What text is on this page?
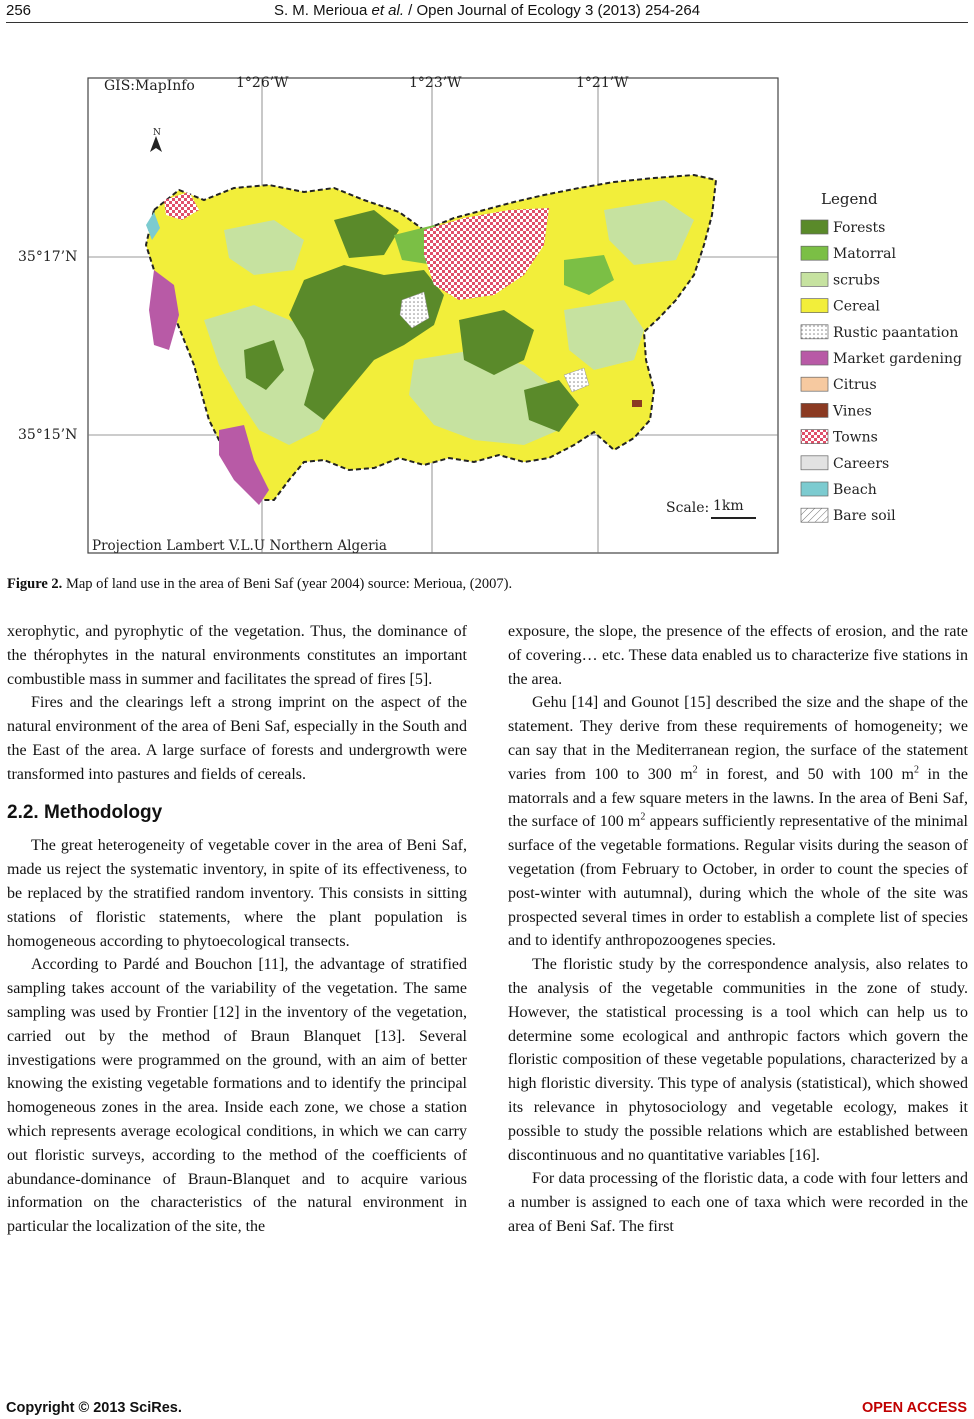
256	S. M. Merioua et al. / Open Journal of Ecology 3 (2013) 254-264
GIS:MapInfo	1°26’W	1°23’W	1°21’W
35°17’N
35°15’N
N
Scale: 1km
Projection Lambert V.L.U Northern Algeria
Legend
Forests
Matorral
scrubs
Cereal
Rustic paantation
Market gardening
Citrus
Vines
Towns
Careers
Beach
Bare soil
Figure 2. Map of land use in the area of Beni Saf (year 2004) source: Merioua, (2007).

xerophytic, and pyrophytic of the vegetation. Thus, the dominance of the thérophytes in the natural environments constitutes an important combustible mass in summer and facilitates the spread of fires [5].

Fires and the clearings left a strong imprint on the aspect of the natural environment of the area of Beni Saf, especially in the South and the East of the area. A large surface of forests and undergrowth were transformed into pastures and fields of cereals.

2.2. Methodology

The great heterogeneity of vegetable cover in the area of Beni Saf, made us reject the systematic inventory, in spite of its effectiveness, to be replaced by the stratified random inventory. This consists in sitting stations of floristic statements, where the plant population is homogeneous according to phytoecological transects.

According to Pardé and Bouchon [11], the advantage of stratified sampling takes account of the variability of the vegetation. The same sampling was used by Frontier [12] in the inventory of the vegetation, carried out by the method of Braun Blanquet [13]. Several investigations were programmed on the ground, with an aim of better knowing the existing vegetable formations and to identify the principal homogeneous zones in the area. Inside each zone, we chose a station which represents average ecological conditions, in which we can carry out floristic surveys, according to the method of the coefficients of abundance-dominance of Braun-Blanquet and to acquire various information on the characteristics of the natural environment in particular the localization of the site, the

exposure, the slope, the presence of the effects of erosion, and the rate of covering… etc. These data enabled us to characterize five stations in the area.

Gehu [14] and Gounot [15] described the size and the shape of the statement. They derive from these requirements of homogeneity; we can say that in the Mediterranean region, the surface of the statement varies from 100 to 300 $m^2$ in forest, and 50 with 100 $m^2$ in the matorrals and a few square meters in the lawns. In the area of Beni Saf, the surface of 100 $m^2$ appears sufficiently representative of the minimal surface of the vegetable formations. Regular visits during the season of vegetation (from February to October, in order to count the species of post-winter with autumnal), during which the whole of the site was prospected several times in order to establish a complete list of species and to identify anthropozoogenes species.

The floristic study by the correspondence analysis, also relates to the analysis of the vegetable communities in the zone of study. However, the statistical processing is a tool which can help us to determine some ecological and anthropic factors which govern the floristic composition of these vegetable populations, characterized by a high floristic diversity. This type of analysis (statistical), which showed its relevance in phytosociology and vegetable ecology, makes it possible to study the possible relations which are established between discontinuous and no quantitative variables [16].

For data processing of the floristic data, a code with four letters and a number is assigned to each one of taxa which were recorded in the area of Beni Saf. The first

Copyright © 2013 SciRes.	OPEN ACCESS
